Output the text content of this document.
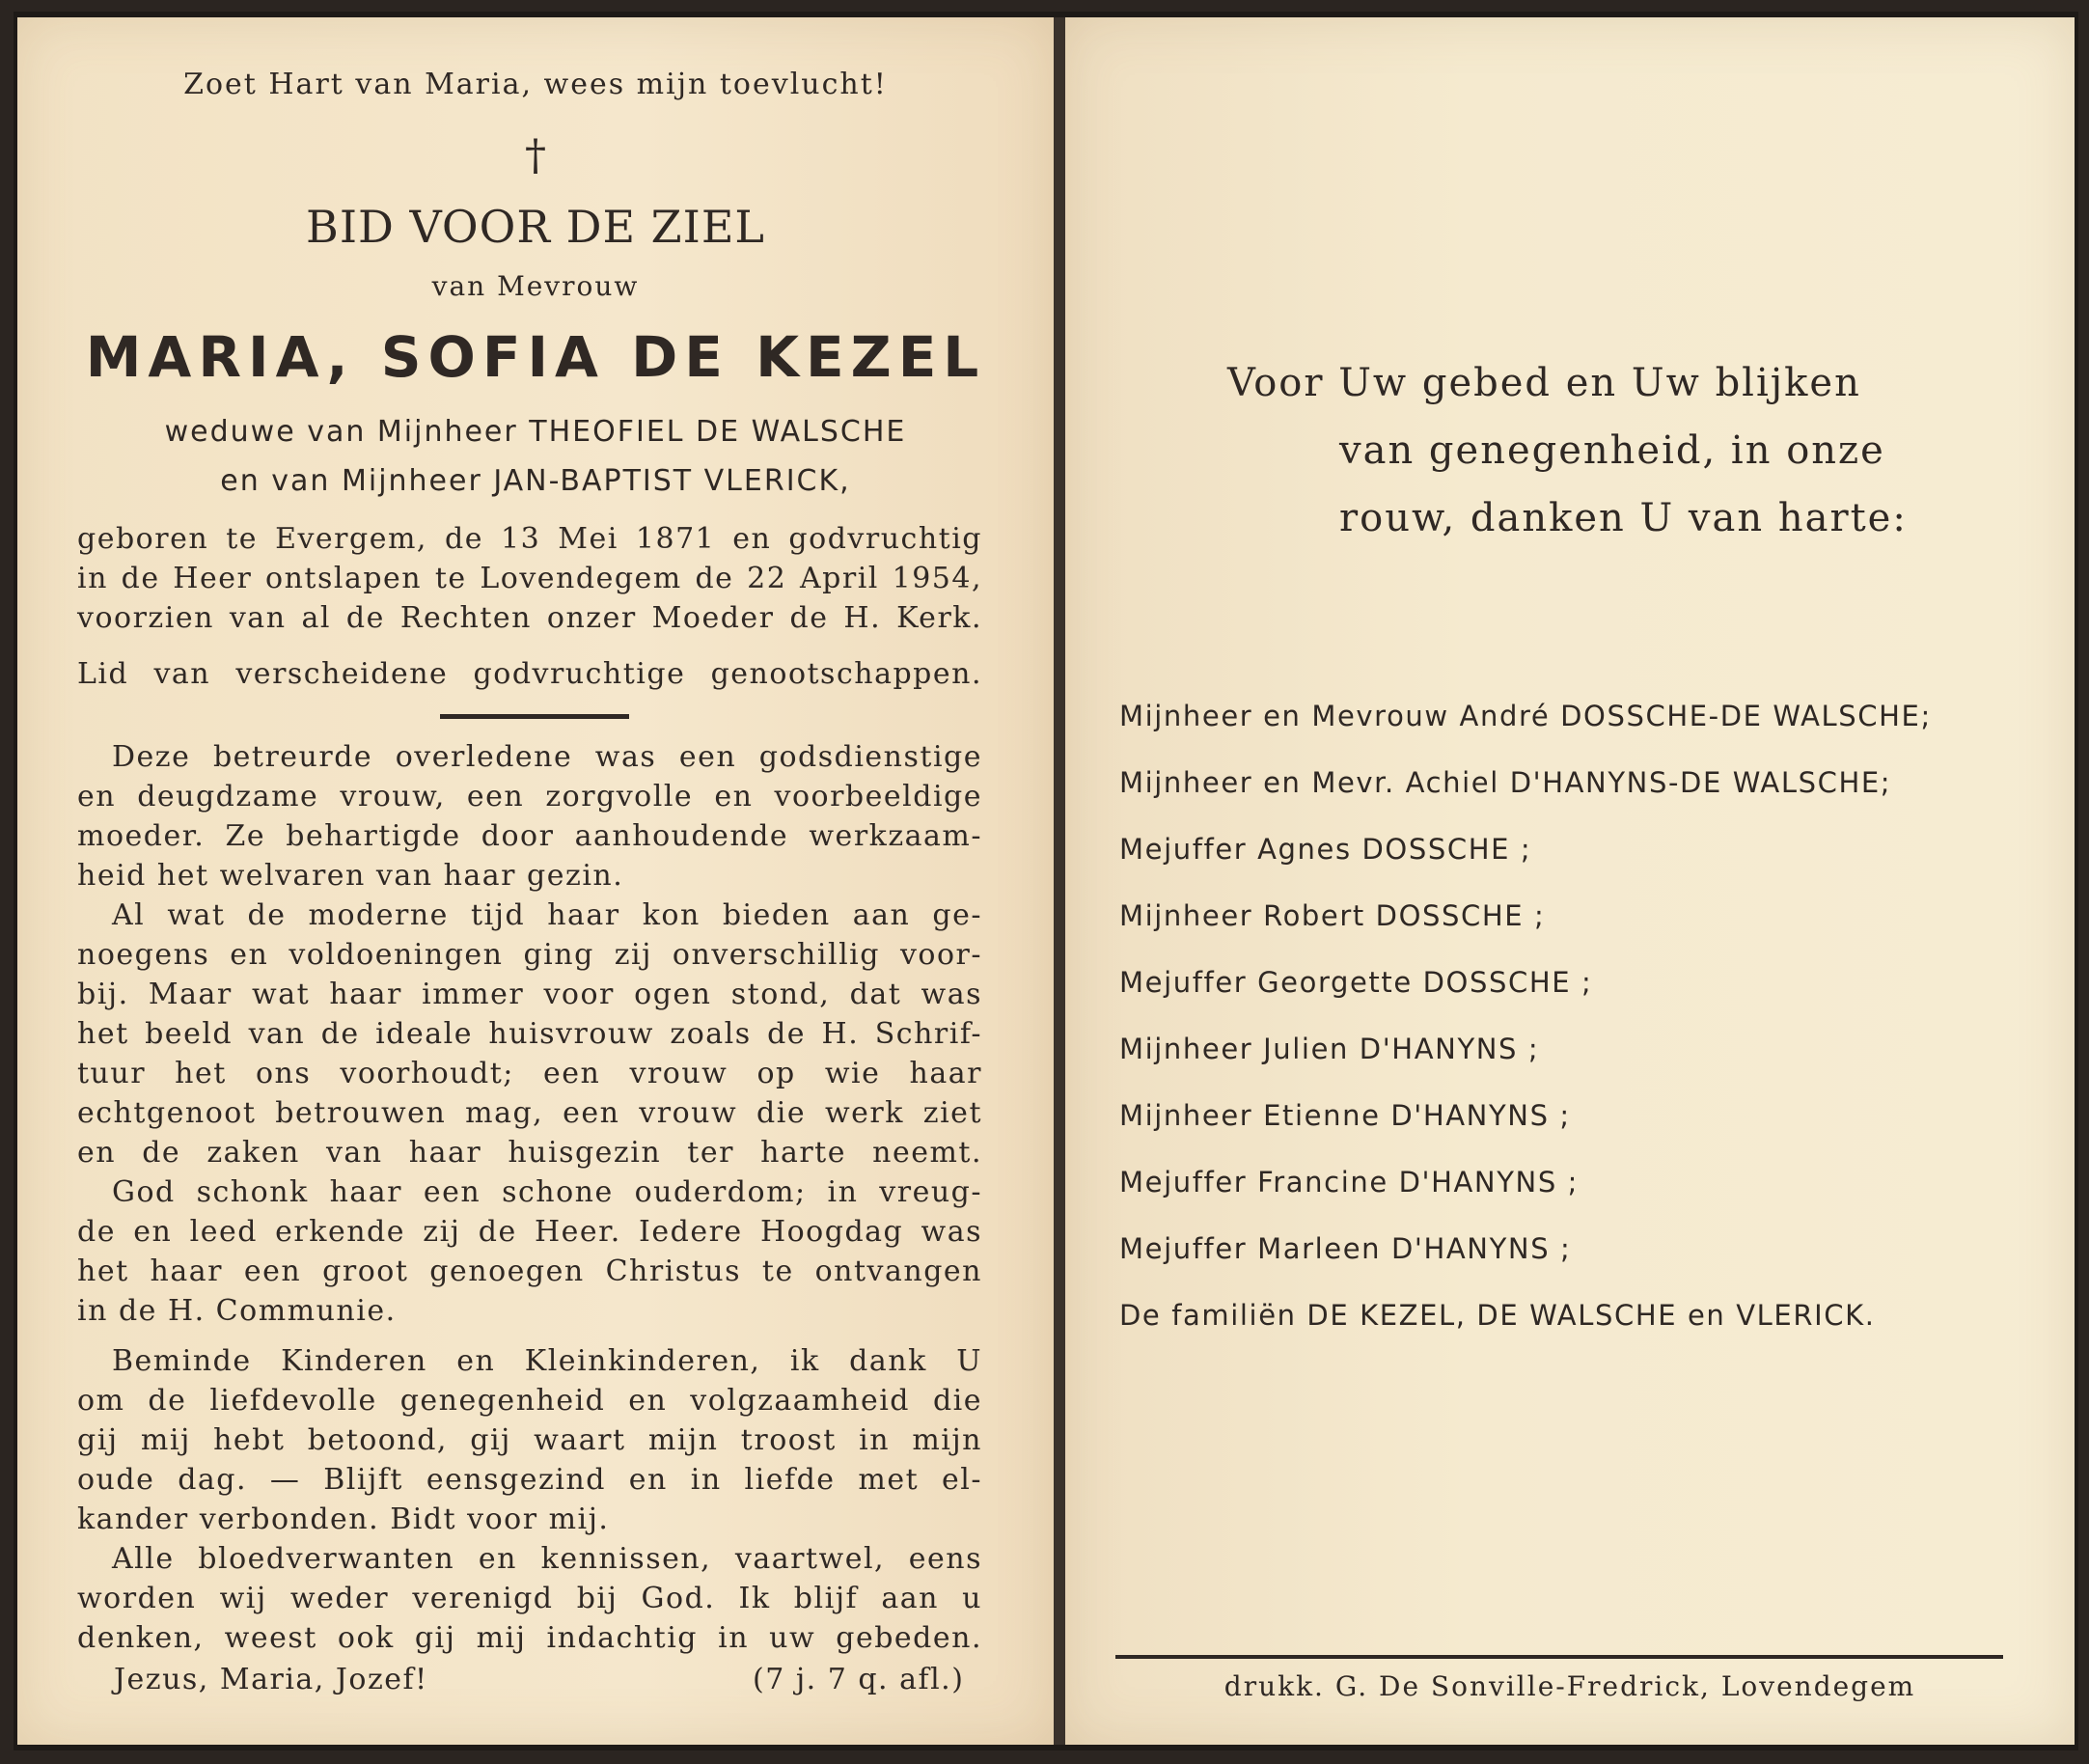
Zoet Hart van Maria, wees mijn toevlucht!
†
BID VOOR DE ZIEL
van Mevrouw
MARIA, SOFIA DE KEZEL
weduwe van Mijnheer THEOFIEL DE WALSCHE
en van Mijnheer JAN-BAPTIST VLERICK,
geboren te Evergem, de 13 Mei 1871 en godvruchtig
in de Heer ontslapen te Lovendegem de 22 April 1954,
voorzien van al de Rechten onzer Moeder de H. Kerk.
Lid van verscheidene godvruchtige genootschappen.
Deze betreurde overledene was een godsdienstige
en deugdzame vrouw, een zorgvolle en voorbeeldige
moeder. Ze behartigde door aanhoudende werkzaam-
heid het welvaren van haar gezin.
Al wat de moderne tijd haar kon bieden aan ge-
noegens en voldoeningen ging zij onverschillig voor-
bij. Maar wat haar immer voor ogen stond, dat was
het beeld van de ideale huisvrouw zoals de H. Schrif-
tuur het ons voorhoudt; een vrouw op wie haar
echtgenoot betrouwen mag, een vrouw die werk ziet
en de zaken van haar huisgezin ter harte neemt.
God schonk haar een schone ouderdom; in vreug-
de en leed erkende zij de Heer. Iedere Hoogdag was
het haar een groot genoegen Christus te ontvangen
in de H. Communie.
Beminde Kinderen en Kleinkinderen, ik dank U
om de liefdevolle genegenheid en volgzaamheid die
gij mij hebt betoond, gij waart mijn troost in mijn
oude dag. — Blijft eensgezind en in liefde met el-
kander verbonden. Bidt voor mij.
Alle bloedverwanten en kennissen, vaartwel, eens
worden wij weder verenigd bij God. Ik blijf aan u
denken, weest ook gij mij indachtig in uw gebeden.
Jezus, Maria, Jozef!	(7 j. 7 q. afl.)
Voor Uw gebed en Uw blijken
van genegenheid, in onze
rouw, danken U van harte:
Mijnheer en Mevrouw André DOSSCHE-DE WALSCHE;
Mijnheer en Mevr. Achiel D'HANYNS-DE WALSCHE;
Mejuffer Agnes DOSSCHE ;
Mijnheer Robert DOSSCHE ;
Mejuffer Georgette DOSSCHE ;
Mijnheer Julien D'HANYNS ;
Mijnheer Etienne D'HANYNS ;
Mejuffer Francine D'HANYNS ;
Mejuffer Marleen D'HANYNS ;
De familiën DE KEZEL, DE WALSCHE en VLERICK.
drukk. G. De Sonville-Fredrick, Lovendegem
